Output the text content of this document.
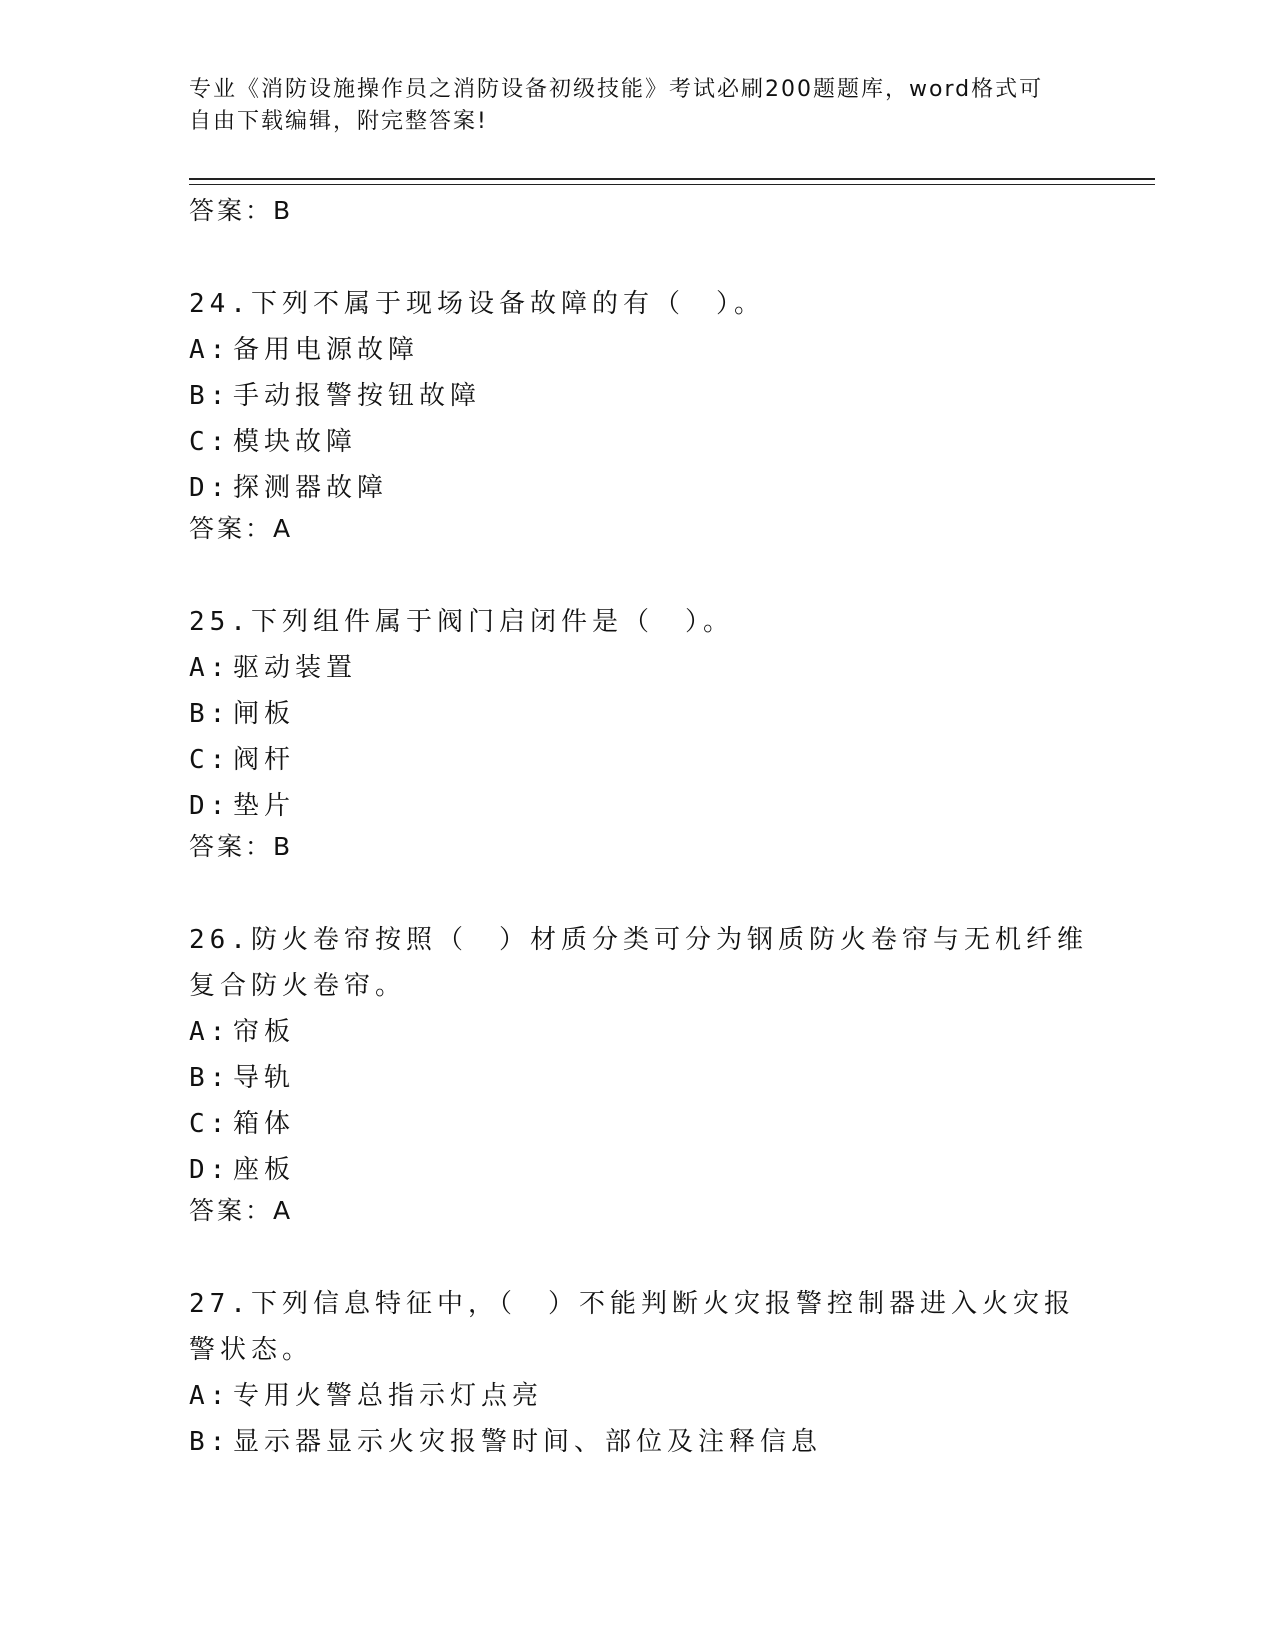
专业《消防设施操作员之消防设备初级技能》考试必刷200题题库，word格式可
自由下载编辑，附完整答案!
答案：B
24.下列不属于现场设备故障的有（　）。
A: 备用电源故障
B: 手动报警按钮故障
C: 模块故障
D: 探测器故障
答案：A
25.下列组件属于阀门启闭件是（　）。
A: 驱动装置
B: 闸板
C: 阀杆
D: 垫片
答案：B
26.防火卷帘按照（　）材质分类可分为钢质防火卷帘与无机纤维复合防火卷帘。
A: 帘板
B: 导轨
C: 箱体
D: 座板
答案：A
27.下列信息特征中，（　）不能判断火灾报警控制器进入火灾报警状态。
A: 专用火警总指示灯点亮
B: 显示器显示火灾报警时间、部位及注释信息
